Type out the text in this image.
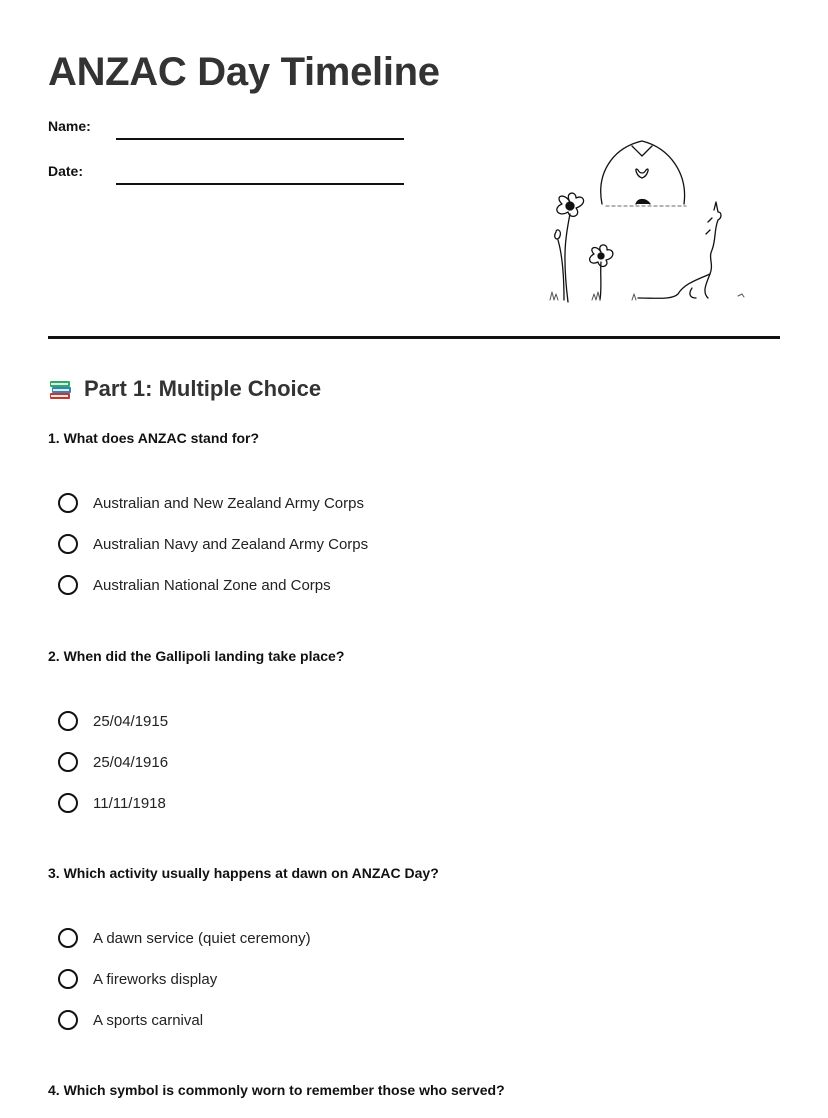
ANZAC Day Timeline
Name:
Date:
Part 1: Multiple Choice

1. What does ANZAC stand for?

Australian and New Zealand Army Corps
Australian Navy and Zealand Army Corps
Australian National Zone and Corps

2. When did the Gallipoli landing take place?

25/04/1915
25/04/1916
11/11/1918

3. Which activity usually happens at dawn on ANZAC Day?

A dawn service (quiet ceremony)
A fireworks display
A sports carnival

4. Which symbol is commonly worn to remember those who served?
